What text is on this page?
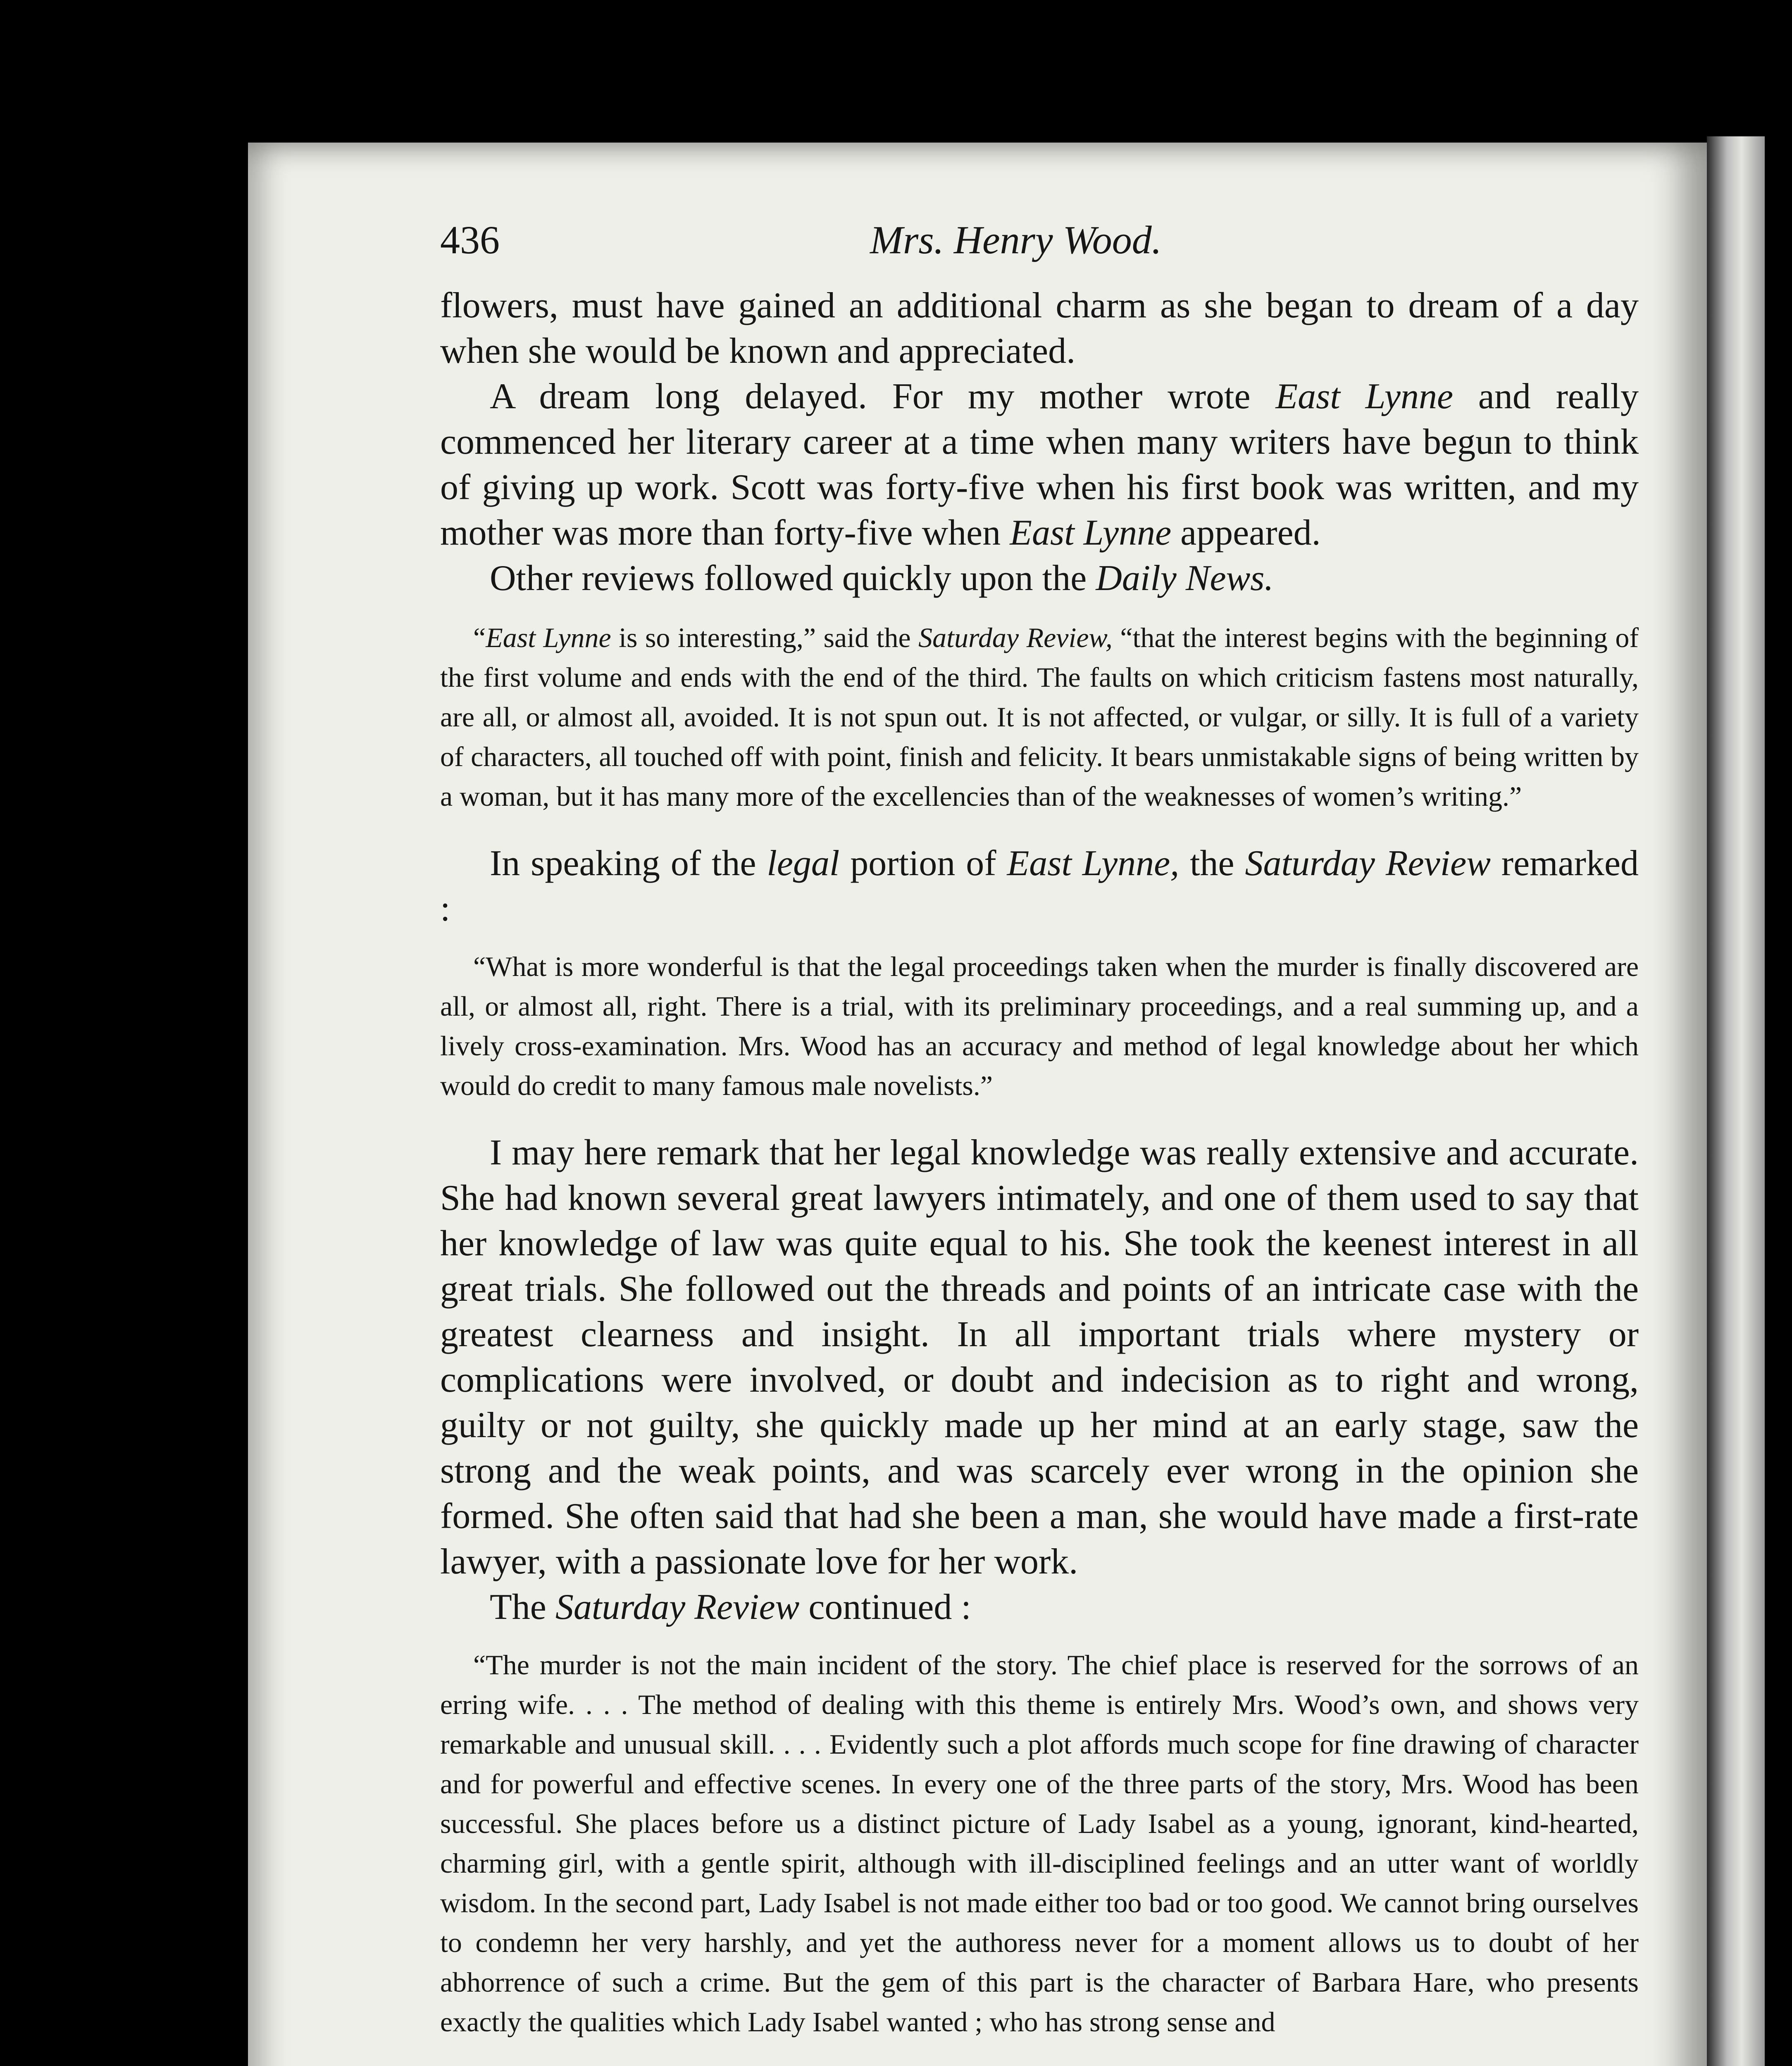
436	Mrs. Henry Wood.

flowers, must have gained an additional charm as she began to dream of a day when she would be known and appreciated.

A dream long delayed. For my mother wrote East Lynne and really commenced her literary career at a time when many writers have begun to think of giving up work. Scott was forty-five when his first book was written, and my mother was more than forty-five when East Lynne appeared.

Other reviews followed quickly upon the Daily News.

“East Lynne is so interesting,” said the Saturday Review, “that the interest begins with the beginning of the first volume and ends with the end of the third. The faults on which criticism fastens most naturally, are all, or almost all, avoided. It is not spun out. It is not affected, or vulgar, or silly. It is full of a variety of characters, all touched off with point, finish and felicity. It bears unmistakable signs of being written by a woman, but it has many more of the excellencies than of the weaknesses of women’s writing.”

In speaking of the legal portion of East Lynne, the Saturday Review remarked :

“What is more wonderful is that the legal proceedings taken when the murder is finally discovered are all, or almost all, right. There is a trial, with its preliminary proceedings, and a real summing up, and a lively cross-examination. Mrs. Wood has an accuracy and method of legal knowledge about her which would do credit to many famous male novelists.”

I may here remark that her legal knowledge was really extensive and accurate. She had known several great lawyers intimately, and one of them used to say that her knowledge of law was quite equal to his. She took the keenest interest in all great trials. She followed out the threads and points of an intricate case with the greatest clearness and insight. In all important trials where mystery or complications were involved, or doubt and indecision as to right and wrong, guilty or not guilty, she quickly made up her mind at an early stage, saw the strong and the weak points, and was scarcely ever wrong in the opinion she formed. She often said that had she been a man, she would have made a first-rate lawyer, with a passionate love for her work.

The Saturday Review continued :

“The murder is not the main incident of the story. The chief place is reserved for the sorrows of an erring wife. . . . The method of dealing with this theme is entirely Mrs. Wood’s own, and shows very remarkable and unusual skill. . . . Evidently such a plot affords much scope for fine drawing of character and for powerful and effective scenes. In every one of the three parts of the story, Mrs. Wood has been successful. She places before us a distinct picture of Lady Isabel as a young, ignorant, kind-hearted, charming girl, with a gentle spirit, although with ill-disciplined feelings and an utter want of worldly wisdom. In the second part, Lady Isabel is not made either too bad or too good. We cannot bring ourselves to condemn her very harshly, and yet the authoress never for a moment allows us to doubt of her abhorrence of such a crime. But the gem of this part is the character of Barbara Hare, who presents exactly the qualities which Lady Isabel wanted ; who has strong sense and
